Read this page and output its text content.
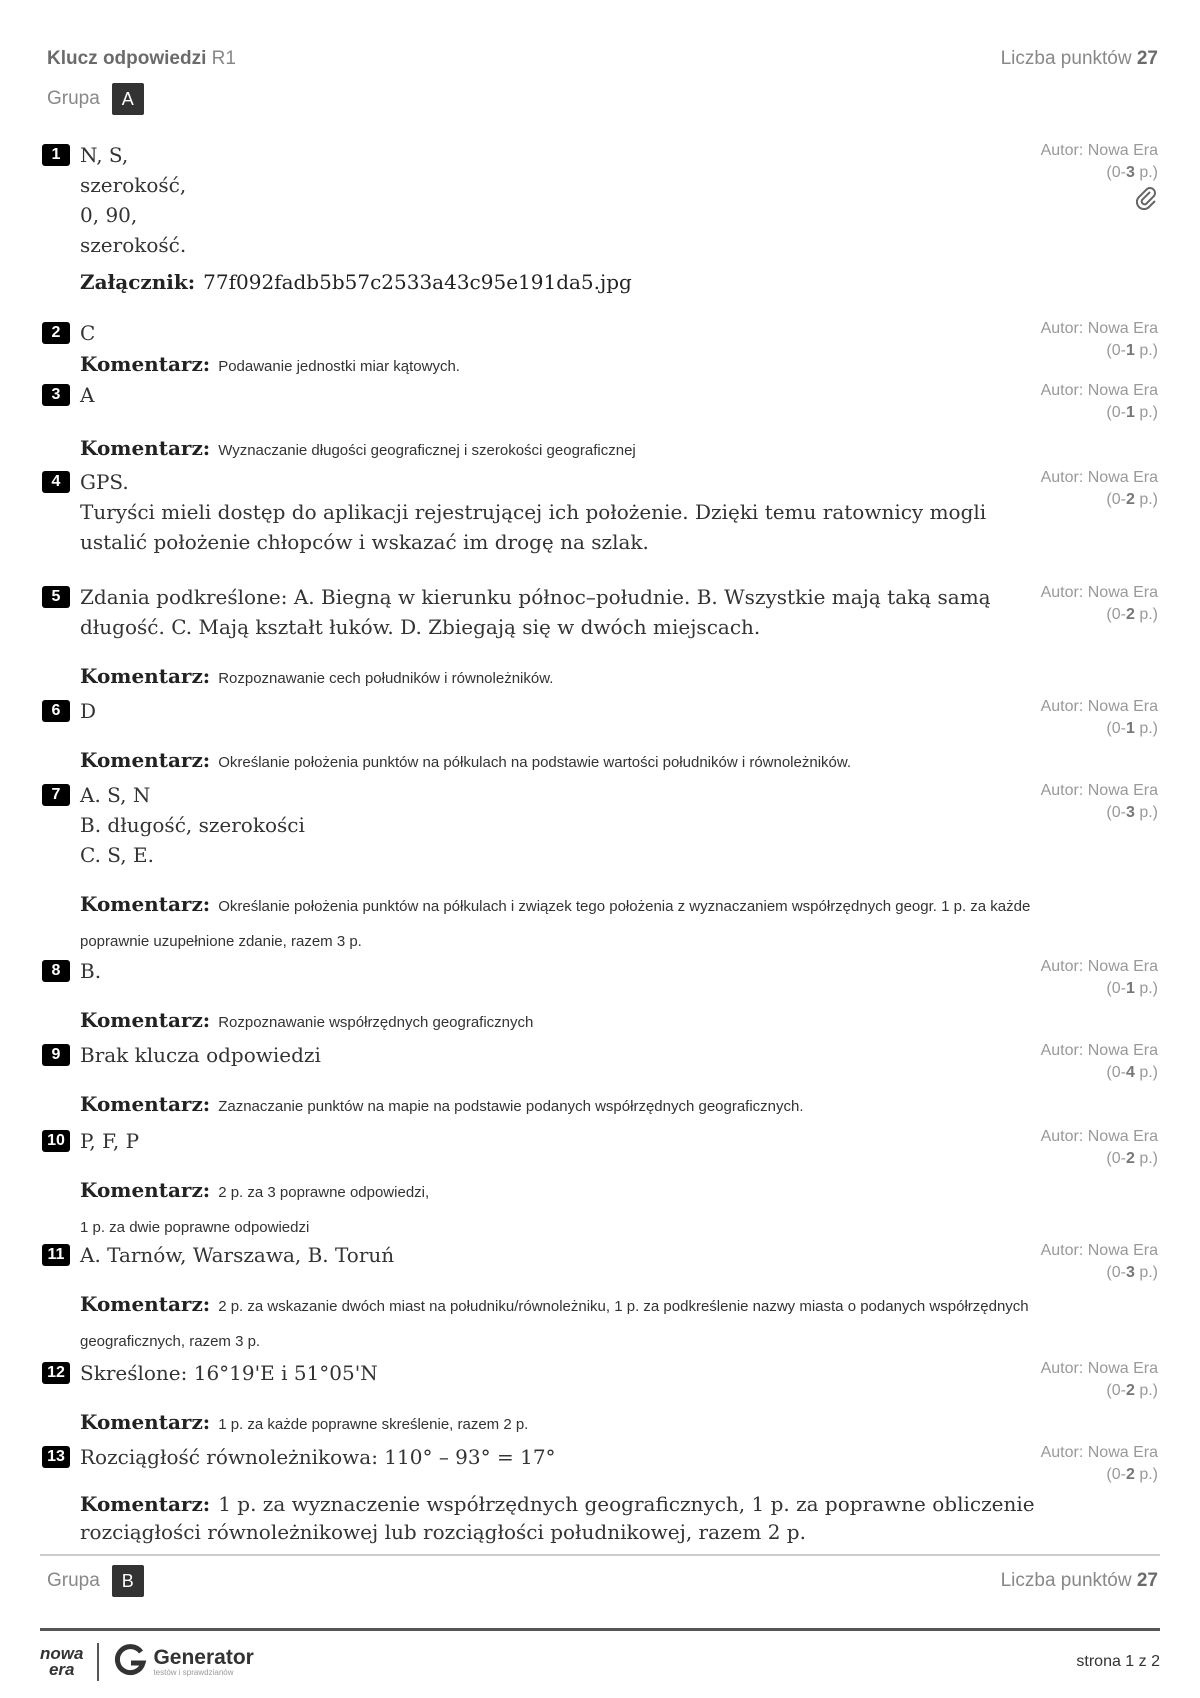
Klucz odpowiedzi R1	Liczba punktów 27
Grupa	A
1 N, S,
szerokość,
0, 90,
szerokość.
Autor: Nowa Era
(0-3 p.)
Załącznik: 77f092fadb5b57c2533a43c95e191da5.jpg
2 C	Autor: Nowa Era
(0-1 p.)
Komentarz: Podawanie jednostki miar kątowych.
3 A	Autor: Nowa Era
(0-1 p.)
Komentarz: Wyznaczanie długości geograficznej i szerokości geograficznej
4 GPS.
Turyści mieli dostęp do aplikacji rejestrującej ich położenie. Dzięki temu ratownicy mogli ustalić położenie chłopców i wskazać im drogę na szlak.
Autor: Nowa Era
(0-2 p.)
5 Zdania podkreślone: A. Biegną w kierunku północ–południe. B. Wszystkie mają taką samą długość. C. Mają kształt łuków. D. Zbiegają się w dwóch miejscach.
Autor: Nowa Era
(0-2 p.)
Komentarz: Rozpoznawanie cech południków i równoleżników.
6 D	Autor: Nowa Era
(0-1 p.)
Komentarz: Określanie położenia punktów na półkulach na podstawie wartości południków i równoleżników.
7 A. S, N
B. długość, szerokości
C. S, E.
Autor: Nowa Era
(0-3 p.)
Komentarz: Określanie położenia punktów na półkulach i związek tego położenia z wyznaczaniem współrzędnych geogr. 1 p. za każde poprawnie uzupełnione zdanie, razem 3 p.
8 B.	Autor: Nowa Era
(0-1 p.)
Komentarz: Rozpoznawanie współrzędnych geograficznych
9 Brak klucza odpowiedzi	Autor: Nowa Era
(0-4 p.)
Komentarz: Zaznaczanie punktów na mapie na podstawie podanych współrzędnych geograficznych.
10 P, F, P	Autor: Nowa Era
(0-2 p.)
Komentarz: 2 p. za 3 poprawne odpowiedzi,
1 p. za dwie poprawne odpowiedzi
11 A. Tarnów, Warszawa, B. Toruń	Autor: Nowa Era
(0-3 p.)
Komentarz: 2 p. za wskazanie dwóch miast na południku/równoleżniku, 1 p. za podkreślenie nazwy miasta o podanych współrzędnych geograficznych, razem 3 p.
12 Skreślone: 16°19'E i 51°05'N	Autor: Nowa Era
(0-2 p.)
Komentarz: 1 p. za każde poprawne skreślenie, razem 2 p.
13 Rozciągłość równoleżnikowa: 110° – 93° = 17°	Autor: Nowa Era
(0-2 p.)
Komentarz: 1 p. za wyznaczenie współrzędnych geograficznych, 1 p. za poprawne obliczenie rozciągłości równoleżnikowej lub rozciągłości południkowej, razem 2 p.
Grupa	B	Liczba punktów 27
nowa
era
Generator
testów i sprawdzianów
strona 1 z 2
